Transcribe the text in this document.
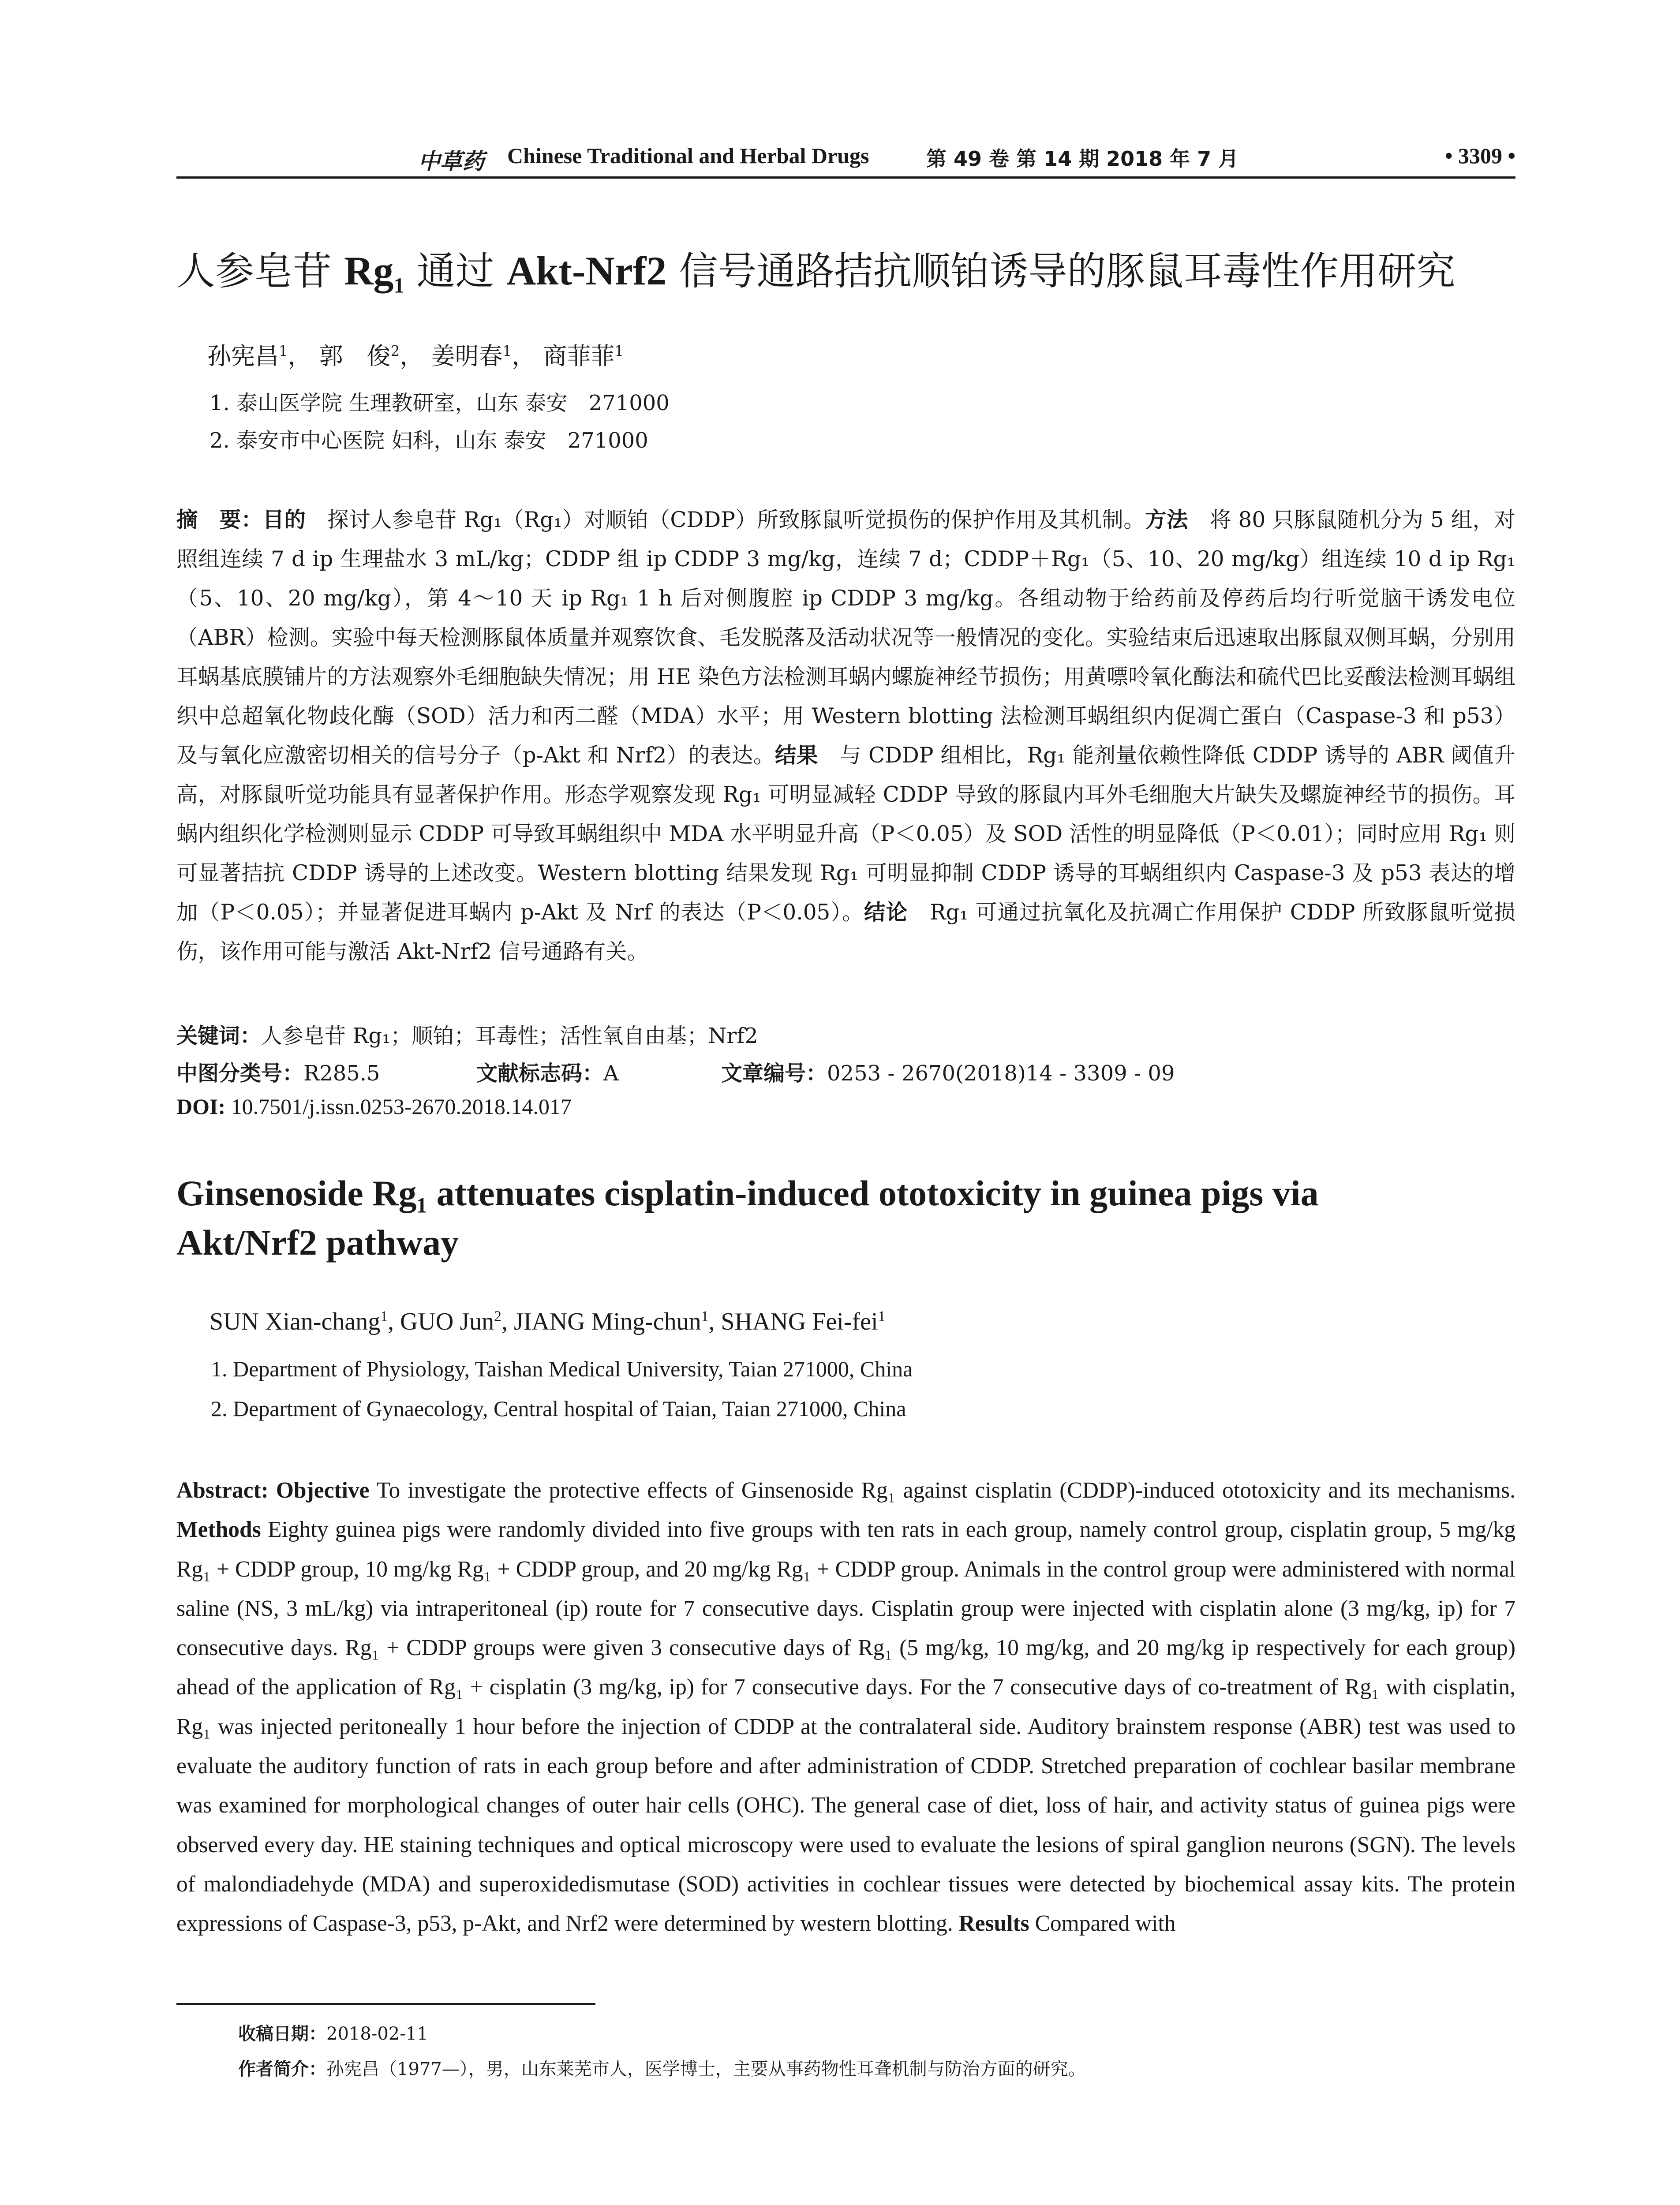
中草药 Chinese Traditional and Herbal Drugs	第 49 卷 第 14 期 2018 年 7 月	• 3309 •
人参皂苷 $Rg_1$ 通过 Akt-Nrf2 信号通路拮抗顺铂诱导的豚鼠耳毒性作用研究
孙宪昌$^1$， 郭　俊$^2$， 姜明春$^1$， 商菲菲$^1$
1. 泰山医学院 生理教研室，山东 泰安　271000
2. 泰安市中心医院 妇科，山东 泰安　271000
摘　要：目的　探讨人参皂苷 Rg₁（Rg₁）对顺铂（CDDP）所致豚鼠听觉损伤的保护作用及其机制。方法　将 80 只豚鼠随机分为 5 组，对照组连续 7 d ip 生理盐水 3 mL/kg；CDDP 组 ip CDDP 3 mg/kg，连续 7 d；CDDP＋Rg₁（5、10、20 mg/kg）组连续 10 d ip Rg₁（5、10、20 mg/kg），第 4～10 天 ip Rg₁ 1 h 后对侧腹腔 ip CDDP 3 mg/kg。各组动物于给药前及停药后均行听觉脑干诱发电位（ABR）检测。实验中每天检测豚鼠体质量并观察饮食、毛发脱落及活动状况等一般情况的变化。实验结束后迅速取出豚鼠双侧耳蜗，分别用耳蜗基底膜铺片的方法观察外毛细胞缺失情况；用 HE 染色方法检测耳蜗内螺旋神经节损伤；用黄嘌呤氧化酶法和硫代巴比妥酸法检测耳蜗组织中总超氧化物歧化酶（SOD）活力和丙二醛（MDA）水平；用 Western blotting 法检测耳蜗组织内促凋亡蛋白（Caspase-3 和 p53）及与氧化应激密切相关的信号分子（p-Akt 和 Nrf2）的表达。结果　与 CDDP 组相比，Rg₁ 能剂量依赖性降低 CDDP 诱导的 ABR 阈值升高，对豚鼠听觉功能具有显著保护作用。形态学观察发现 Rg₁ 可明显减轻 CDDP 导致的豚鼠内耳外毛细胞大片缺失及螺旋神经节的损伤。耳蜗内组织化学检测则显示 CDDP 可导致耳蜗组织中 MDA 水平明显升高（P＜0.05）及 SOD 活性的明显降低（P＜0.01）；同时应用 Rg₁ 则可显著拮抗 CDDP 诱导的上述改变。Western blotting 结果发现 Rg₁ 可明显抑制 CDDP 诱导的耳蜗组织内 Caspase-3 及 p53 表达的增加（P＜0.05）；并显著促进耳蜗内 p-Akt 及 Nrf 的表达（P＜0.05）。结论　Rg₁ 可通过抗氧化及抗凋亡作用保护 CDDP 所致豚鼠听觉损伤，该作用可能与激活 Akt-Nrf2 信号通路有关。
关键词：人参皂苷 Rg₁；顺铂；耳毒性；活性氧自由基；Nrf2
中图分类号：R285.5	文献标志码：A	文章编号：0253 - 2670(2018)14 - 3309 - 09
DOI: 10.7501/j.issn.0253-2670.2018.14.017
Ginsenoside Rg₁ attenuates cisplatin-induced ototoxicity in guinea pigs via
Akt/Nrf2 pathway
SUN Xian-chang$^1$, GUO Jun$^2$, JIANG Ming-chun$^1$, SHANG Fei-fei$^1$
1. Department of Physiology, Taishan Medical University, Taian 271000, China
2. Department of Gynaecology, Central hospital of Taian, Taian 271000, China
Abstract: Objective To investigate the protective effects of Ginsenoside Rg₁ against cisplatin (CDDP)-induced ototoxicity and its mechanisms. Methods Eighty guinea pigs were randomly divided into five groups with ten rats in each group, namely control group, cisplatin group, 5 mg/kg Rg₁ + CDDP group, 10 mg/kg Rg₁ + CDDP group, and 20 mg/kg Rg₁ + CDDP group. Animals in the control group were administered with normal saline (NS, 3 mL/kg) via intraperitoneal (ip) route for 7 consecutive days. Cisplatin group were injected with cisplatin alone (3 mg/kg, ip) for 7 consecutive days. Rg₁ + CDDP groups were given 3 consecutive days of Rg₁ (5 mg/kg, 10 mg/kg, and 20 mg/kg ip respectively for each group) ahead of the application of Rg₁ + cisplatin (3 mg/kg, ip) for 7 consecutive days. For the 7 consecutive days of co-treatment of Rg₁ with cisplatin, Rg₁ was injected peritoneally 1 hour before the injection of CDDP at the contralateral side. Auditory brainstem response (ABR) test was used to evaluate the auditory function of rats in each group before and after administration of CDDP. Stretched preparation of cochlear basilar membrane was examined for morphological changes of outer hair cells (OHC). The general case of diet, loss of hair, and activity status of guinea pigs were observed every day. HE staining techniques and optical microscopy were used to evaluate the lesions of spiral ganglion neurons (SGN). The levels of malondiadehyde (MDA) and superoxidedismutase (SOD) activities in cochlear tissues were detected by biochemical assay kits. The protein expressions of Caspase-3, p53, p-Akt, and Nrf2 were determined by western blotting. Results Compared with
收稿日期：2018-02-11
作者简介：孙宪昌（1977—），男，山东莱芜市人，医学博士，主要从事药物性耳聋机制与防治方面的研究。
